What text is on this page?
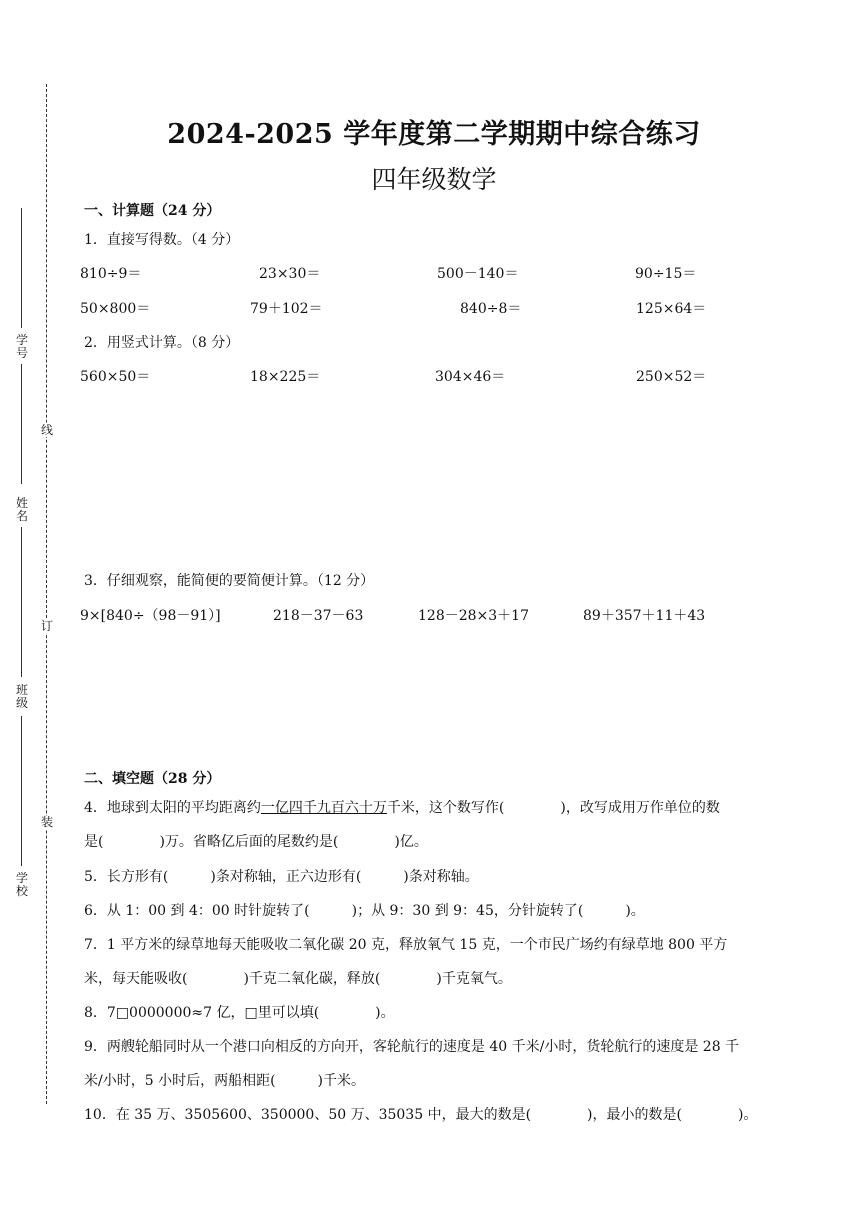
学号
线
姓名
订
班级
装
学校
2024-2025 学年度第二学期期中综合练习
四年级数学
一、计算题（24 分）
1．直接写得数。（4 分）
810÷9＝	23×30＝	500－140＝	90÷15＝
50×800＝	79＋102＝	840÷8＝	125×64＝
2．用竖式计算。（8 分）
560×50＝	18×225＝	304×46＝	250×52＝
3．仔细观察，能简便的要简便计算。（12 分）
9×[840÷（98－91）]	218－37－63	128－28×3＋17	89＋357＋11＋43
二、填空题（28 分）
4．地球到太阳的平均距离约一亿四千九百六十万千米，这个数写作(　　　　)，改写成用万作单位的数
是(　　　　)万。省略亿后面的尾数约是(　　　　)亿。
5．长方形有(　　　)条对称轴，正六边形有(　　　)条对称轴。
6．从 1：00 到 4：00 时针旋转了(　　　)；从 9：30 到 9：45，分针旋转了(　　　)。
7．1 平方米的绿草地每天能吸收二氧化碳 20 克，释放氧气 15 克，一个市民广场约有绿草地 800 平方
米，每天能吸收(　　　　)千克二氧化碳，释放(　　　　)千克氧气。
8．7□0000000≈7 亿，□里可以填(　　　　)。
9．两艘轮船同时从一个港口向相反的方向开，客轮航行的速度是 40 千米/小时，货轮航行的速度是 28 千
米/小时，5 小时后，两船相距(　　　)千米。
10．在 35 万、3505600、350000、50 万、35035 中，最大的数是(　　　　)，最小的数是(　　　　)。
